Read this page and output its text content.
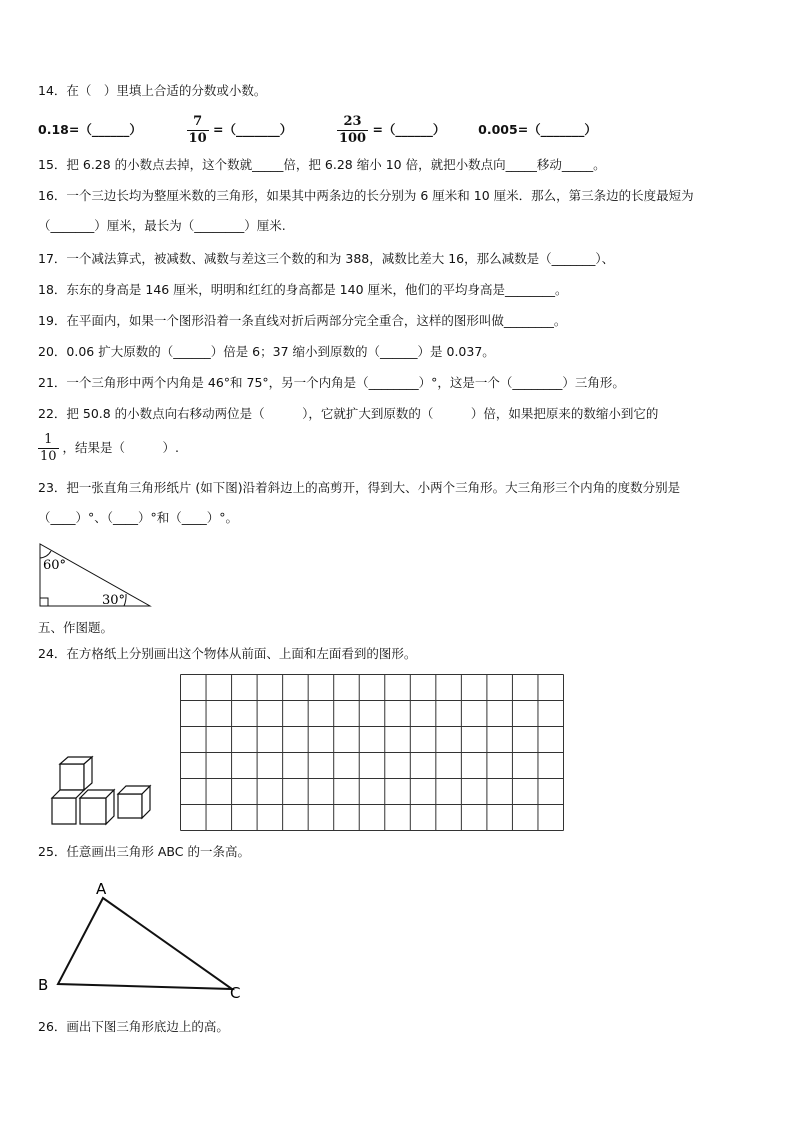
14．在（　）里填上合适的分数或小数。
0.18=（______）	$\frac{7}{10}$ =（_______）	$\frac{23}{100}$ =（______）	0.005=（_______）
15．把 6.28 的小数点去掉，这个数就_____倍，把 6.28 缩小 10 倍，就把小数点向_____移动_____。
16．一个三边长均为整厘米数的三角形，如果其中两条边的长分别为 6 厘米和 10 厘米．那么，第三条边的长度最短为
（_______）厘米，最长为（________）厘米.
17．一个减法算式，被减数、减数与差这三个数的和为 388，减数比差大 16，那么减数是（_______）、
18．东东的身高是 146 厘米，明明和红红的身高都是 140 厘米，他们的平均身高是________。
19．在平面内，如果一个图形沿着一条直线对折后两部分完全重合，这样的图形叫做________。
20．0.06 扩大原数的（______）倍是 6；37 缩小到原数的（______）是 0.037。
21．一个三角形中两个内角是 46°和 75°，另一个内角是（________）°，这是一个（________）三角形。
22．把 50.8 的小数点向右移动两位是（　　　），它就扩大到原数的（　　　）倍，如果把原来的数缩小到它的
$\frac{1}{10}$ ，结果是（　　　）.
23．把一张直角三角形纸片 (如下图)沿着斜边上的高剪开，得到大、小两个三角形。大三角形三个内角的度数分别是
（____）°、（____）°和（____）°。
60°
30°
五、作图题。
24．在方格纸上分别画出这个物体从前面、上面和左面看到的图形。
25．任意画出三角形 ABC 的一条高。
A
B	C
26．画出下图三角形底边上的高。
